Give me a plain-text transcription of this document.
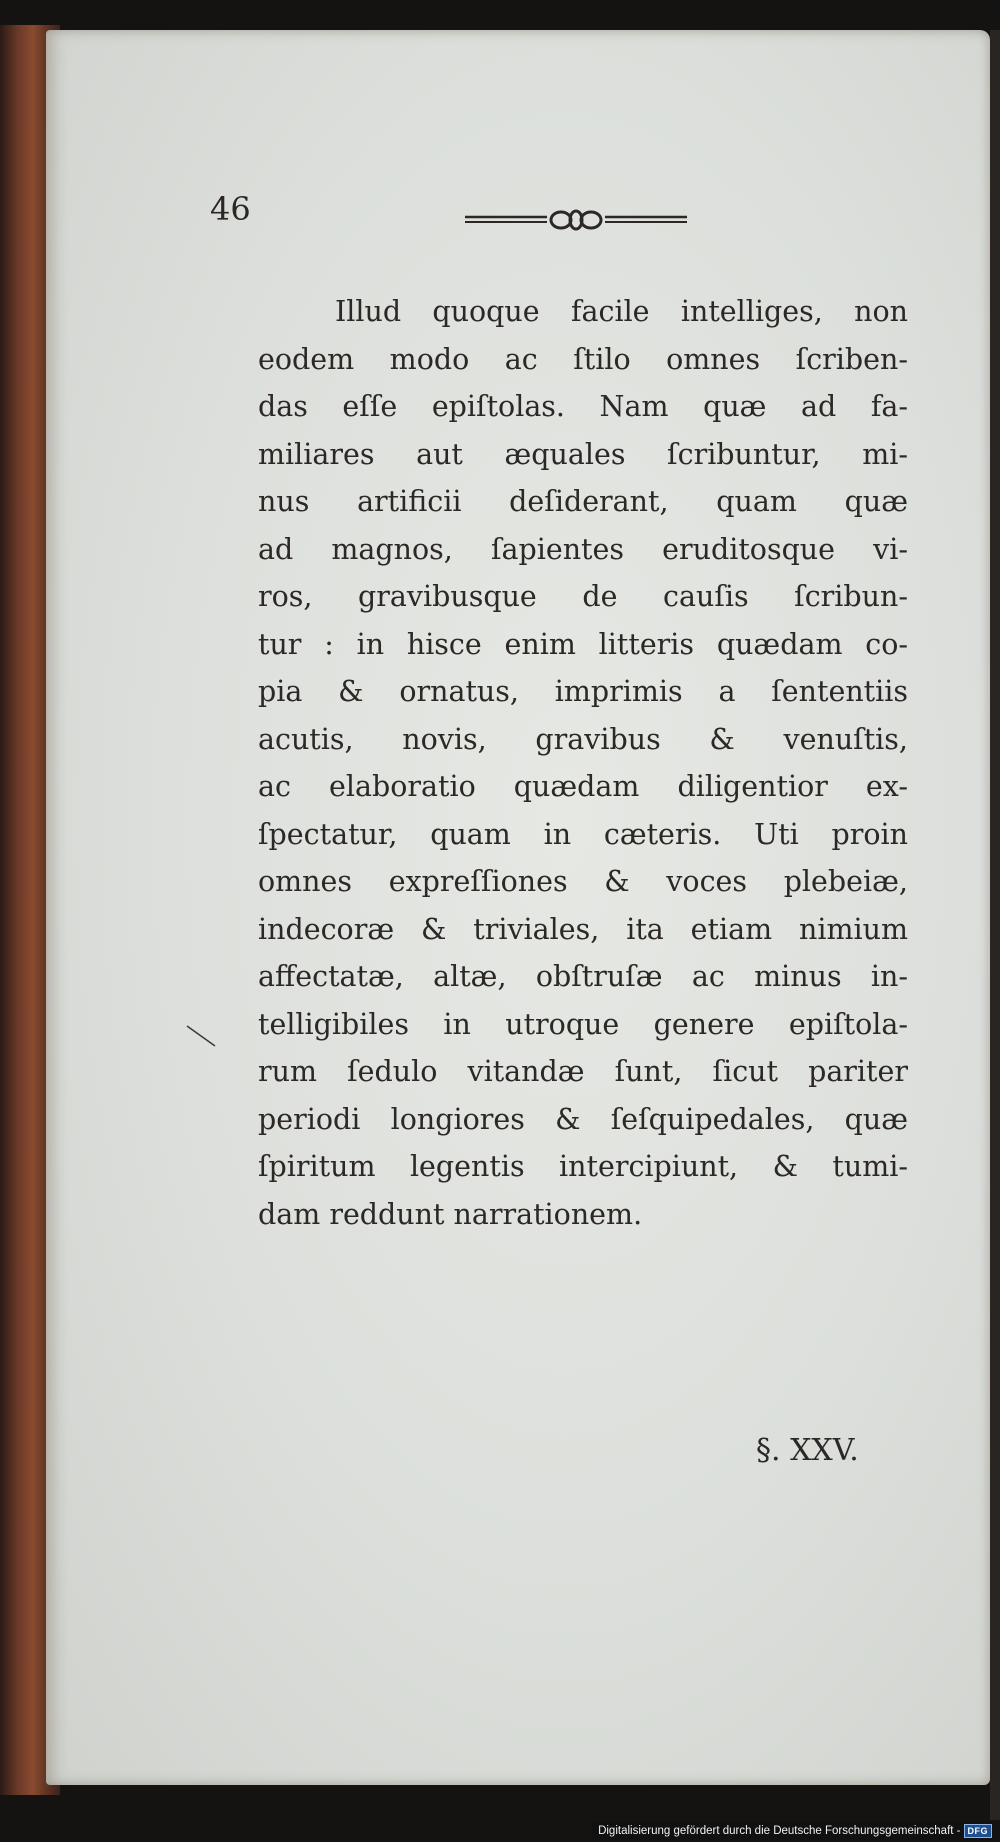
46

Illud quoque facile intelliges, non
eodem modo ac ſtilo omnes ſcriben-
das eſſe epiſtolas. Nam quæ ad fa-
miliares aut æquales ſcribuntur, mi-
nus artificii deſiderant, quam quæ
ad magnos, ſapientes eruditosque vi-
ros, gravibusque de cauſis ſcribun-
tur : in hisce enim litteris quædam co-
pia & ornatus, imprimis a ſententiis
acutis, novis, gravibus & venuſtis,
ac elaboratio quædam diligentior ex-
ſpectatur, quam in cæteris. Uti proin
omnes expreſſiones & voces plebeiæ,
indecoræ & triviales, ita etiam nimium
affectatæ, altæ, obſtruſæ ac minus in-
telligibiles in utroque genere epiſtola-
rum ſedulo vitandæ ſunt, ſicut pariter
periodi longiores & ſeſquipedales, quæ
ſpiritum legentis intercipiunt, & tumi-
dam reddunt narrationem.

§. XXV.

Digitalisierung gefördert durch die Deutsche Forschungsgemeinschaft - DFG
